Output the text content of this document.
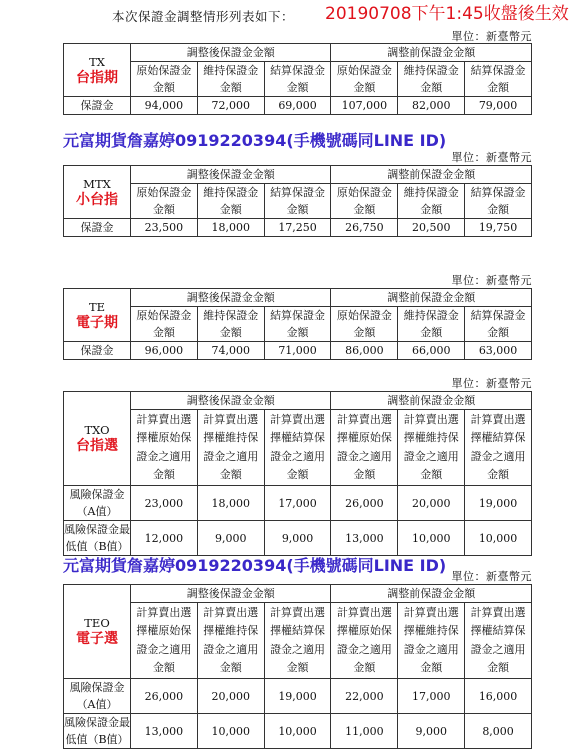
本次保證金調整情形列表如下： 20190708下午1:45收盤後生效
單位：新臺幣元
TX
台指期	調整後保證金金額			調整前保證金金額		
	原始保證金金額	維持保證金金額	結算保證金金額	原始保證金金額	維持保證金金額	結算保證金金額
保證金	94,000	72,000	69,000	107,000	82,000	79,000
元富期貨詹嘉婷0919220394(手機號碼同LINE ID)
單位：新臺幣元
MTX
小台指	調整後保證金金額			調整前保證金金額		
	原始保證金金額	維持保證金金額	結算保證金金額	原始保證金金額	維持保證金金額	結算保證金金額
保證金	23,500	18,000	17,250	26,750	20,500	19,750
單位：新臺幣元
TE
電子期	調整後保證金金額			調整前保證金金額		
	原始保證金金額	維持保證金金額	結算保證金金額	原始保證金金額	維持保證金金額	結算保證金金額
保證金	96,000	74,000	71,000	86,000	66,000	63,000
單位：新臺幣元
TXO
台指選	調整後保證金金額			調整前保證金金額		
	計算賣出選擇權原始保證金之適用金額	計算賣出選擇權維持保證金之適用金額	計算賣出選擇權結算保證金之適用金額	計算賣出選擇權原始保證金之適用金額	計算賣出選擇權維持保證金之適用金額	計算賣出選擇權結算保證金之適用金額
風險保證金（A值）	23,000	18,000	17,000	26,000	20,000	19,000
風險保證金最低值（B值）	12,000	9,000	9,000	13,000	10,000	10,000
元富期貨詹嘉婷0919220394(手機號碼同LINE ID)
單位：新臺幣元
TEO
電子選	調整後保證金金額			調整前保證金金額		
	計算賣出選擇權原始保證金之適用金額	計算賣出選擇權維持保證金之適用金額	計算賣出選擇權結算保證金之適用金額	計算賣出選擇權原始保證金之適用金額	計算賣出選擇權維持保證金之適用金額	計算賣出選擇權結算保證金之適用金額
風險保證金（A值）	26,000	20,000	19,000	22,000	17,000	16,000
風險保證金最低值（B值）	13,000	10,000	10,000	11,000	9,000	8,000
